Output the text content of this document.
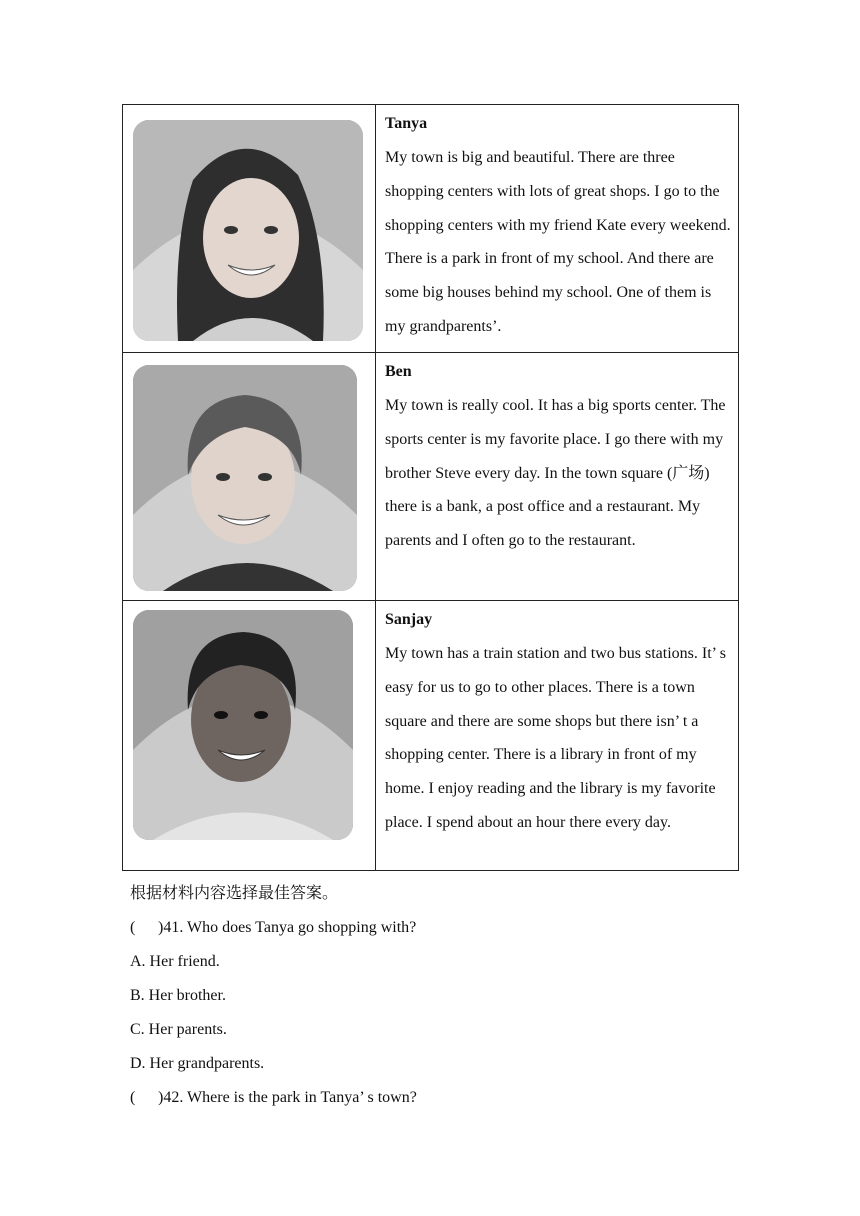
Tanya

My town is big and beautiful. There are three shopping centers with lots of great shops. I go to the shopping centers with my friend Kate every weekend. There is a park in front of my school. And there are some big houses behind my school. One of them is my grandparents’.

Ben

My town is really cool. It has a big sports center. The sports center is my favorite place. I go there with my brother Steve every day. In the town square (广场) there is a bank, a post office and a restaurant. My parents and I often go to the restaurant.

Sanjay

My town has a train station and two bus stations. It’ s easy for us to go to other places. There is a town square and there are some shops but there isn’ t a shopping center. There is a library in front of my home. I enjoy reading and the library is my favorite place. I spend about an hour there every day.

根据材料内容选择最佳答案。
( )41. Who does Tanya go shopping with?
A. Her friend.
B. Her brother.
C. Her parents.
D. Her grandparents.
( )42. Where is the park in Tanya’ s town?
